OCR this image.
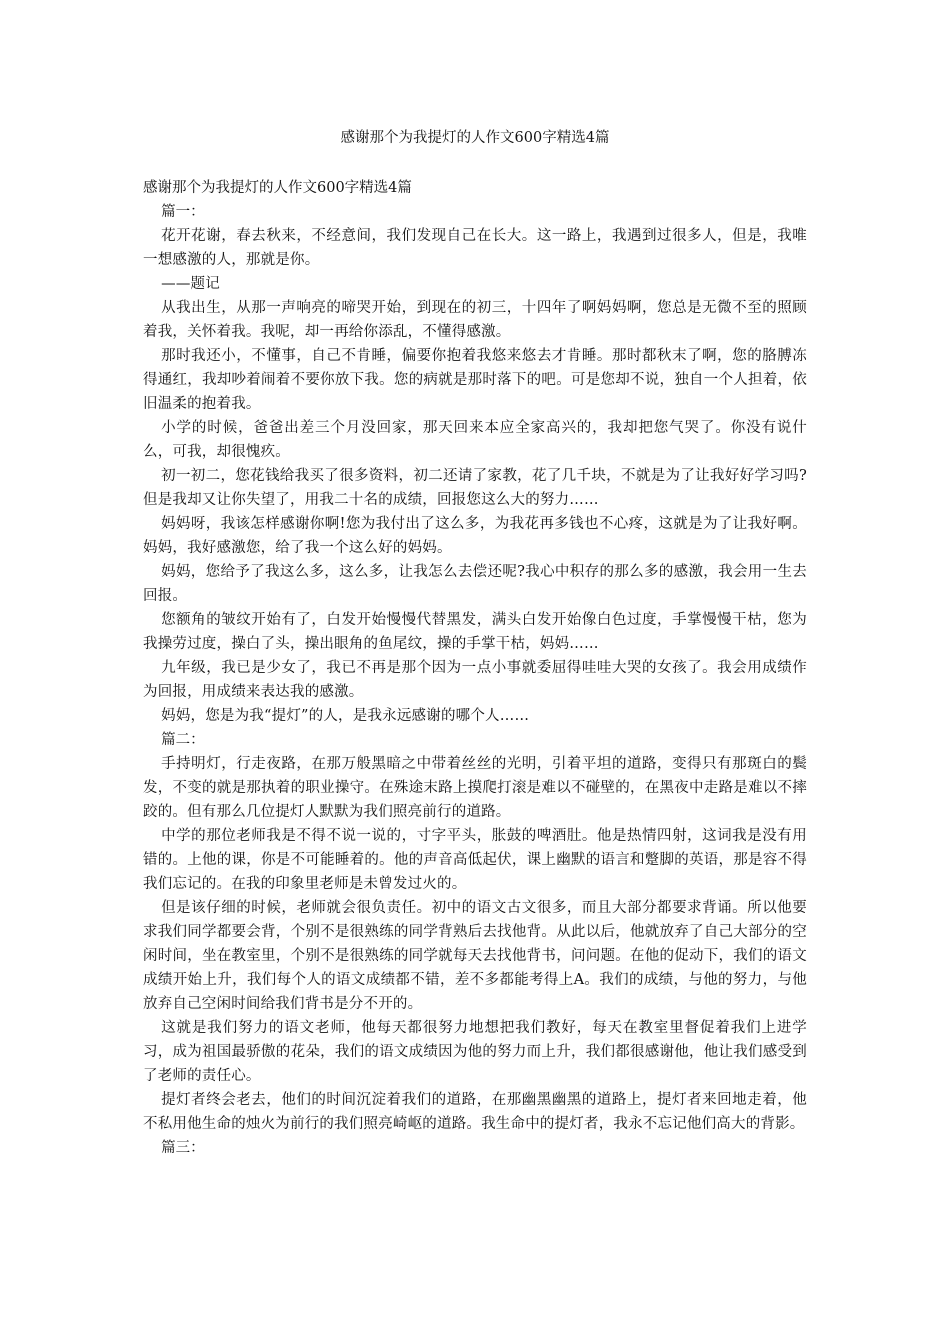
感谢那个为我提灯的人作文600字精选4篇

感谢那个为我提灯的人作文600字精选4篇

篇一：

花开花谢，春去秋来，不经意间，我们发现自己在长大。这一路上，我遇到过很多人，但是，我唯一想感激的人，那就是你。

——题记

从我出生，从那一声响亮的啼哭开始，到现在的初三，十四年了啊妈妈啊，您总是无微不至的照顾着我，关怀着我。我呢，却一再给你添乱，不懂得感激。

那时我还小，不懂事，自己不肯睡，偏要你抱着我悠来悠去才肯睡。那时都秋末了啊，您的胳膊冻得通红，我却吵着闹着不要你放下我。您的病就是那时落下的吧。可是您却不说，独自一个人担着，依旧温柔的抱着我。

小学的时候，爸爸出差三个月没回家，那天回来本应全家高兴的，我却把您气哭了。你没有说什么，可我，却很愧疚。

初一初二，您花钱给我买了很多资料，初二还请了家教，花了几千块，不就是为了让我好好学习吗?但是我却又让你失望了，用我二十名的成绩，回报您这么大的努力……

妈妈呀，我该怎样感谢你啊!您为我付出了这么多，为我花再多钱也不心疼，这就是为了让我好啊。妈妈，我好感激您，给了我一个这么好的妈妈。

妈妈，您给予了我这么多，这么多，让我怎么去偿还呢?我心中积存的那么多的感激，我会用一生去回报。

您额角的皱纹开始有了，白发开始慢慢代替黑发，满头白发开始像白色过度，手掌慢慢干枯，您为我操劳过度，操白了头，操出眼角的鱼尾纹，操的手掌干枯，妈妈……

九年级，我已是少女了，我已不再是那个因为一点小事就委屈得哇哇大哭的女孩了。我会用成绩作为回报，用成绩来表达我的感激。

妈妈，您是为我“提灯”的人，是我永远感谢的哪个人……

篇二：

手持明灯，行走夜路，在那万般黑暗之中带着丝丝的光明，引着平坦的道路，变得只有那斑白的鬓发，不变的就是那执着的职业操守。在殊途末路上摸爬打滚是难以不碰壁的，在黑夜中走路是难以不摔跤的。但有那么几位提灯人默默为我们照亮前行的道路。

中学的那位老师我是不得不说一说的，寸字平头，胀鼓的啤酒肚。他是热情四射，这词我是没有用错的。上他的课，你是不可能睡着的。他的声音高低起伏，课上幽默的语言和蹩脚的英语，那是容不得我们忘记的。在我的印象里老师是未曾发过火的。

但是该仔细的时候，老师就会很负责任。初中的语文古文很多，而且大部分都要求背诵。所以他要求我们同学都要会背，个别不是很熟练的同学背熟后去找他背。从此以后，他就放弃了自己大部分的空闲时间，坐在教室里，个别不是很熟练的同学就每天去找他背书，问问题。在他的促动下，我们的语文成绩开始上升，我们每个人的语文成绩都不错，差不多都能考得上A。我们的成绩，与他的努力，与他放弃自己空闲时间给我们背书是分不开的。

这就是我们努力的语文老师，他每天都很努力地想把我们教好，每天在教室里督促着我们上进学习，成为祖国最骄傲的花朵，我们的语文成绩因为他的努力而上升，我们都很感谢他，他让我们感受到了老师的责任心。

提灯者终会老去，他们的时间沉淀着我们的道路，在那幽黑幽黑的道路上，提灯者来回地走着，他不私用他生命的烛火为前行的我们照亮崎岖的道路。我生命中的提灯者，我永不忘记他们高大的背影。

篇三：
